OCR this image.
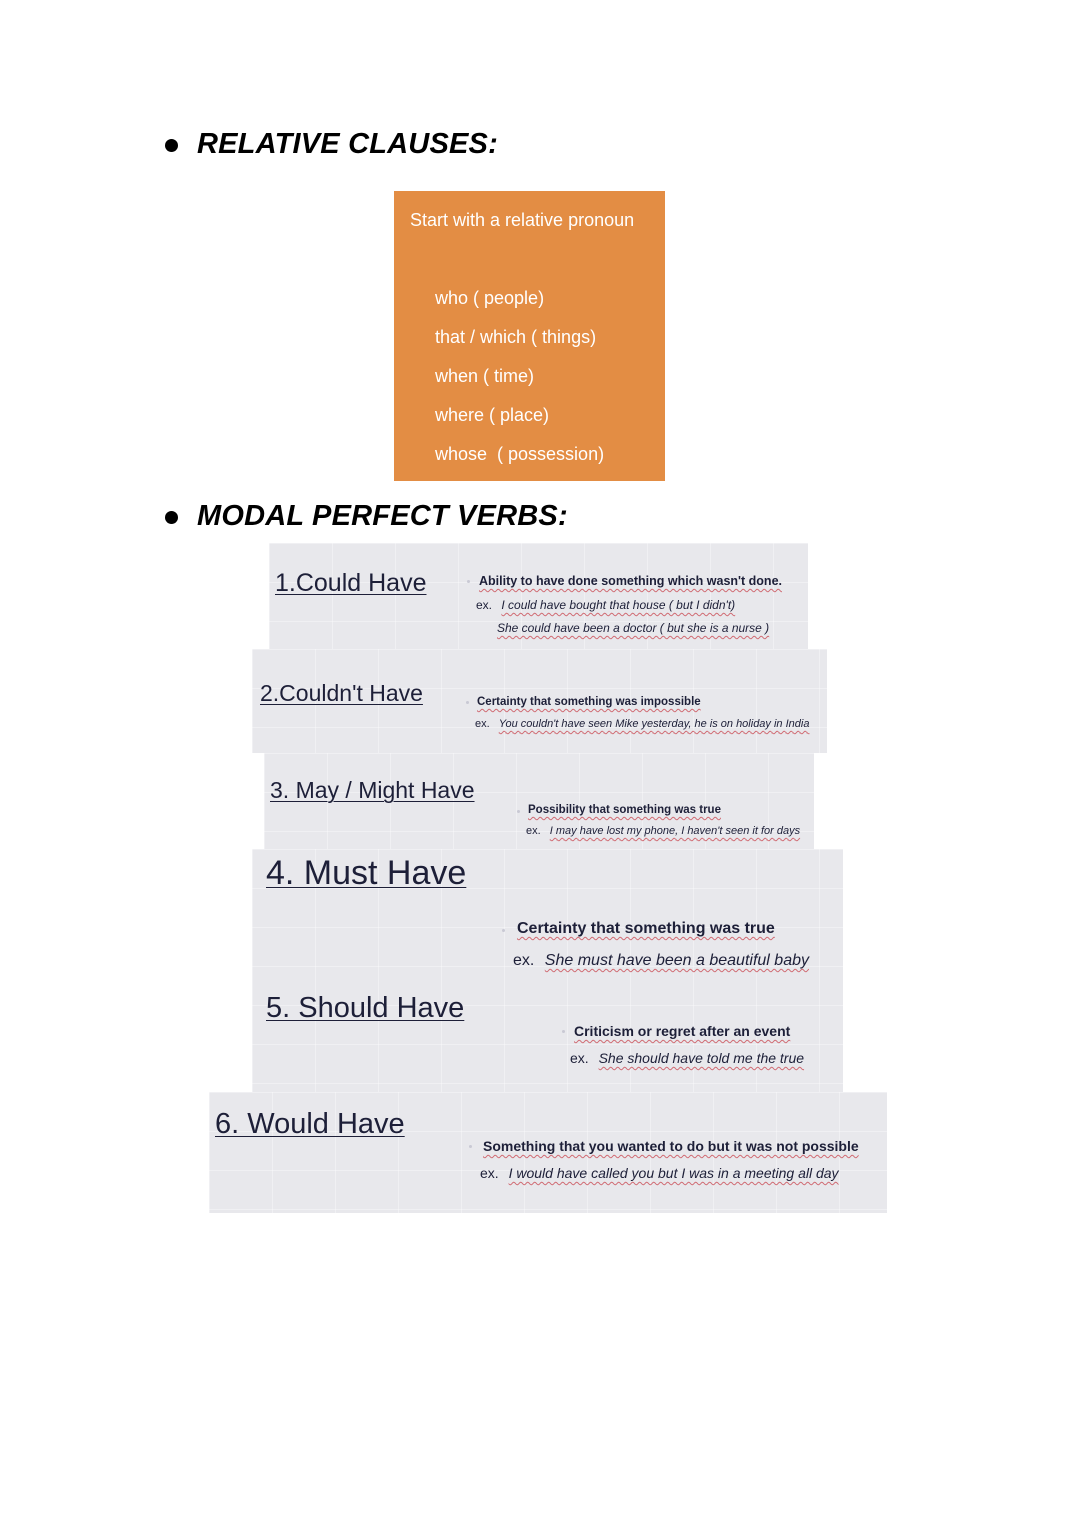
RELATIVE CLAUSES:
Start with a relative pronoun
who ( people)
that / which ( things)
when ( time)
where ( place)
whose  ( possession)
MODAL PERFECT VERBS:
1.Could Have	Ability to have done something which wasn't done.
ex. I could have bought that house ( but I didn't)
She could have been a doctor ( but she is a nurse )
2.Couldn't Have	Certainty that something was impossible
ex. You couldn't have seen Mike yesterday, he is on holiday in India
3. May / Might Have
Possibility that something was true
ex. I may have lost my phone, I haven't seen it for days
4. Must Have
Certainty that something was true
ex. She must have been a beautiful baby
5. Should Have
Criticism or regret after an event
ex. She should have told me the true
6. Would Have
Something that you wanted to do but it was not possible
ex. I would have called you but I was in a meeting all day
